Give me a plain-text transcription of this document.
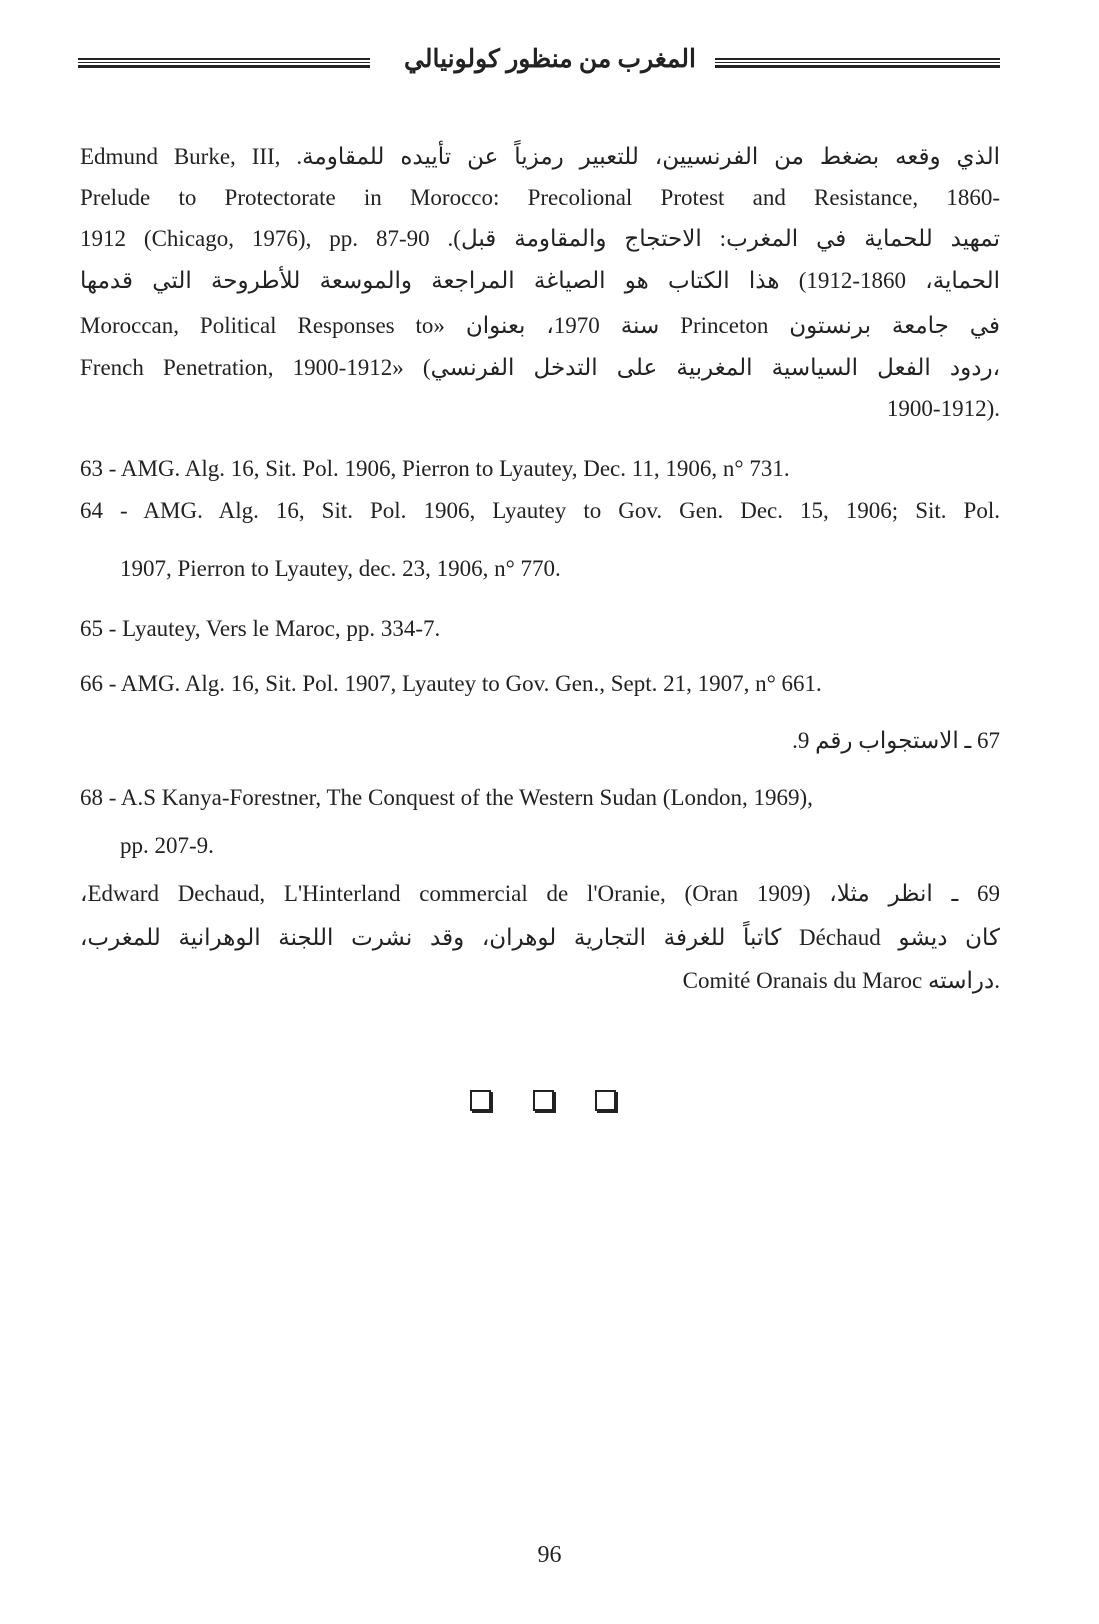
المغرب من منظور كولونيالي
Edmund Burke, III, .الذي وقعه بضغط من الفرنسيين، للتعبير رمزياً عن تأييده للمقاومة
Prelude to Protectorate in Morocco: Precolional Protest and Resistance, 1860-
1912 (Chicago, 1976), pp. 87-90 .(تمهيد للحماية في المغرب: الاحتجاج والمقاومة قبل
الحماية، 1860-1912) هذا الكتاب هو الصياغة المراجعة والموسعة للأطروحة التي قدمها
في جامعة برنستون Princeton سنة 1970، بعنوان «Moroccan, Political Responses to
French Penetration, 1900-1912» (ردود الفعل السياسية المغربية على التدخل الفرنسي،
1900-1912).
63 - AMG. Alg. 16, Sit. Pol. 1906, Pierron to Lyautey, Dec. 11, 1906, n° 731.
64 - AMG. Alg. 16, Sit. Pol. 1906, Lyautey to Gov. Gen. Dec. 15, 1906; Sit. Pol.
1907, Pierron to Lyautey, dec. 23, 1906, n° 770.
65 - Lyautey, Vers le Maroc, pp. 334-7.
66 - AMG. Alg. 16, Sit. Pol. 1907, Lyautey to Gov. Gen., Sept. 21, 1907, n° 661.
67 ـ الاستجواب رقم 9.
68 - A.S Kanya-Forestner, The Conquest of the Western Sudan (London, 1969),
pp. 207-9.
69 ـ انظر مثلا، Edward Dechaud, L'Hinterland commercial de l'Oranie, (Oran 1909)،
كان ديشو Déchaud كاتباً للغرفة التجارية لوهران، وقد نشرت اللجنة الوهرانية للمغرب،
Comité Oranais du Maroc دراسته.
96
